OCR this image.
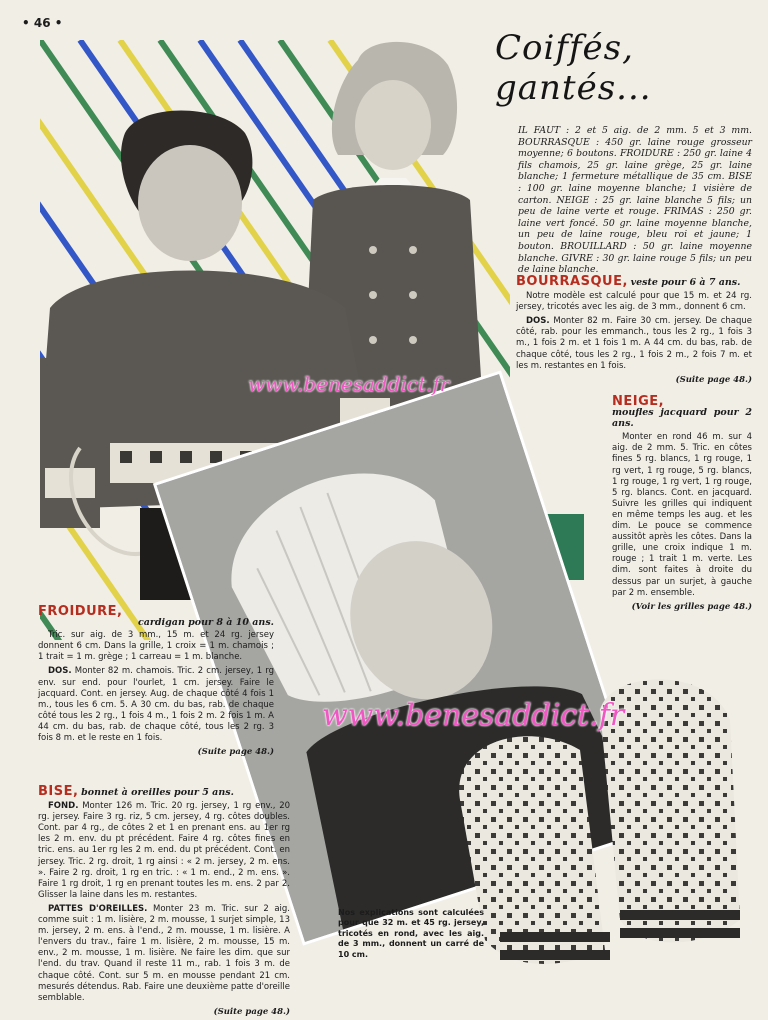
• 46 •
Coiffés, gantés...
www.benesaddict.fr
www.benesaddict.fr
IL FAUT : 2 et 5 aig. de 2 mm. 5 et 3 mm. BOURRASQUE : 450 gr. laine rouge grosseur moyenne; 6 boutons. FROIDURE : 250 gr. laine 4 fils chamois, 25 gr. laine grège, 25 gr. laine blanche; 1 fermeture métallique de 35 cm. BISE : 100 gr. laine moyenne blanche; 1 visière de carton. NEIGE : 25 gr. laine blanche 5 fils; un peu de laine verte et rouge. FRIMAS : 250 gr. laine vert foncé. 50 gr. laine moyenne blanche, un peu de laine rouge, bleu roi et jaune; 1 bouton. BROUILLARD : 50 gr. laine moyenne blanche. GIVRE : 30 gr. laine rouge 5 fils; un peu de laine blanche.
BOURRASQUE, veste pour 6 à 7 ans.

Notre modèle est calculé pour que 15 m. et 24 rg. jersey, tricotés avec les aig. de 3 mm., donnent 6 cm.

DOS. Monter 82 m. Faire 30 cm. jersey. De chaque côté, rab. pour les emmanch., tous les 2 rg., 1 fois 3 m., 1 fois 2 m. et 1 fois 1 m. A 44 cm. du bas, rab. de chaque côté, tous les 2 rg., 1 fois 2 m., 2 fois 7 m. et les m. restantes en 1 fois.

(Suite page 48.)
NEIGE,
moufles jacquard pour 2 ans.

Monter en rond 46 m. sur 4 aig. de 2 mm. 5. Tric. en côtes fines 5 rg. blancs, 1 rg rouge, 1 rg vert, 1 rg rouge, 5 rg. blancs, 1 rg rouge, 1 rg vert, 1 rg rouge, 5 rg. blancs. Cont. en jacquard. Suivre les grilles qui indiquent en même temps les aug. et les dim. Le pouce se commence aussitôt après les côtes. Dans la grille, une croix indique 1 m. rouge ; 1 trait 1 m. verte. Les dim. sont faites à droite du dessus par un surjet, à gauche par 2 m. ensemble.

(Voir les grilles page 48.)
FROIDURE,
cardigan pour 8 à 10 ans.

Tric. sur aig. de 3 mm., 15 m. et 24 rg. jersey donnent 6 cm. Dans la grille, 1 croix = 1 m. chamois ; 1 trait = 1 m. grège ; 1 carreau = 1 m. blanche.

DOS. Monter 82 m. chamois. Tric. 2 cm. jersey, 1 rg env. sur end. pour l'ourlet, 1 cm. jersey. Faire le jacquard. Cont. en jersey. Aug. de chaque côté 4 fois 1 m., tous les 6 cm. 5. A 30 cm. du bas, rab. de chaque côté tous les 2 rg., 1 fois 4 m., 1 fois 2 m. 2 fois 1 m. A 44 cm. du bas, rab. de chaque côté, tous les 2 rg. 3 fois 8 m. et le reste en 1 fois.

(Suite page 48.)
BISE, bonnet à oreilles pour 5 ans.

FOND. Monter 126 m. Tric. 20 rg. jersey, 1 rg env., 20 rg. jersey. Faire 3 rg. riz, 5 cm. jersey, 4 rg. côtes doubles. Cont. par 4 rg., de côtes 2 et 1 en prenant ens. au 1er rg les 2 m. env. du pt précédent. Faire 4 rg. côtes fines en tric. ens. au 1er rg les 2 m. end. du pt précédent. Cont. en jersey. Tric. 2 rg. droit, 1 rg ainsi : « 2 m. jersey, 2 m. ens. ». Faire 2 rg. droit, 1 rg en tric. : « 1 m. end., 2 m. ens. ». Faire 1 rg droit, 1 rg en prenant toutes les m. ens. 2 par 2. Glisser la laine dans les m. restantes.

PATTES D'OREILLES. Monter 23 m. Tric. sur 2 aig. comme suit : 1 m. lisière, 2 m. mousse, 1 surjet simple, 13 m. jersey, 2 m. ens. à l'end., 2 m. mousse, 1 m. lisière. A l'envers du trav., faire 1 m. lisière, 2 m. mousse, 15 m. env., 2 m. mousse, 1 m. lisière. Ne faire les dim. que sur l'end. du trav. Quand il reste 11 m., rab. 1 fois 3 m. de chaque côté. Cont. sur 5 m. en mousse pendant 21 cm. mesurés détendus. Rab. Faire une deuxième patte d'oreille semblable.

(Suite page 48.)
Nos explications sont calculées pour que 32 m. et 45 rg. jersey, tricotés en rond, avec les aig. de 3 mm., donnent un carré de 10 cm.
